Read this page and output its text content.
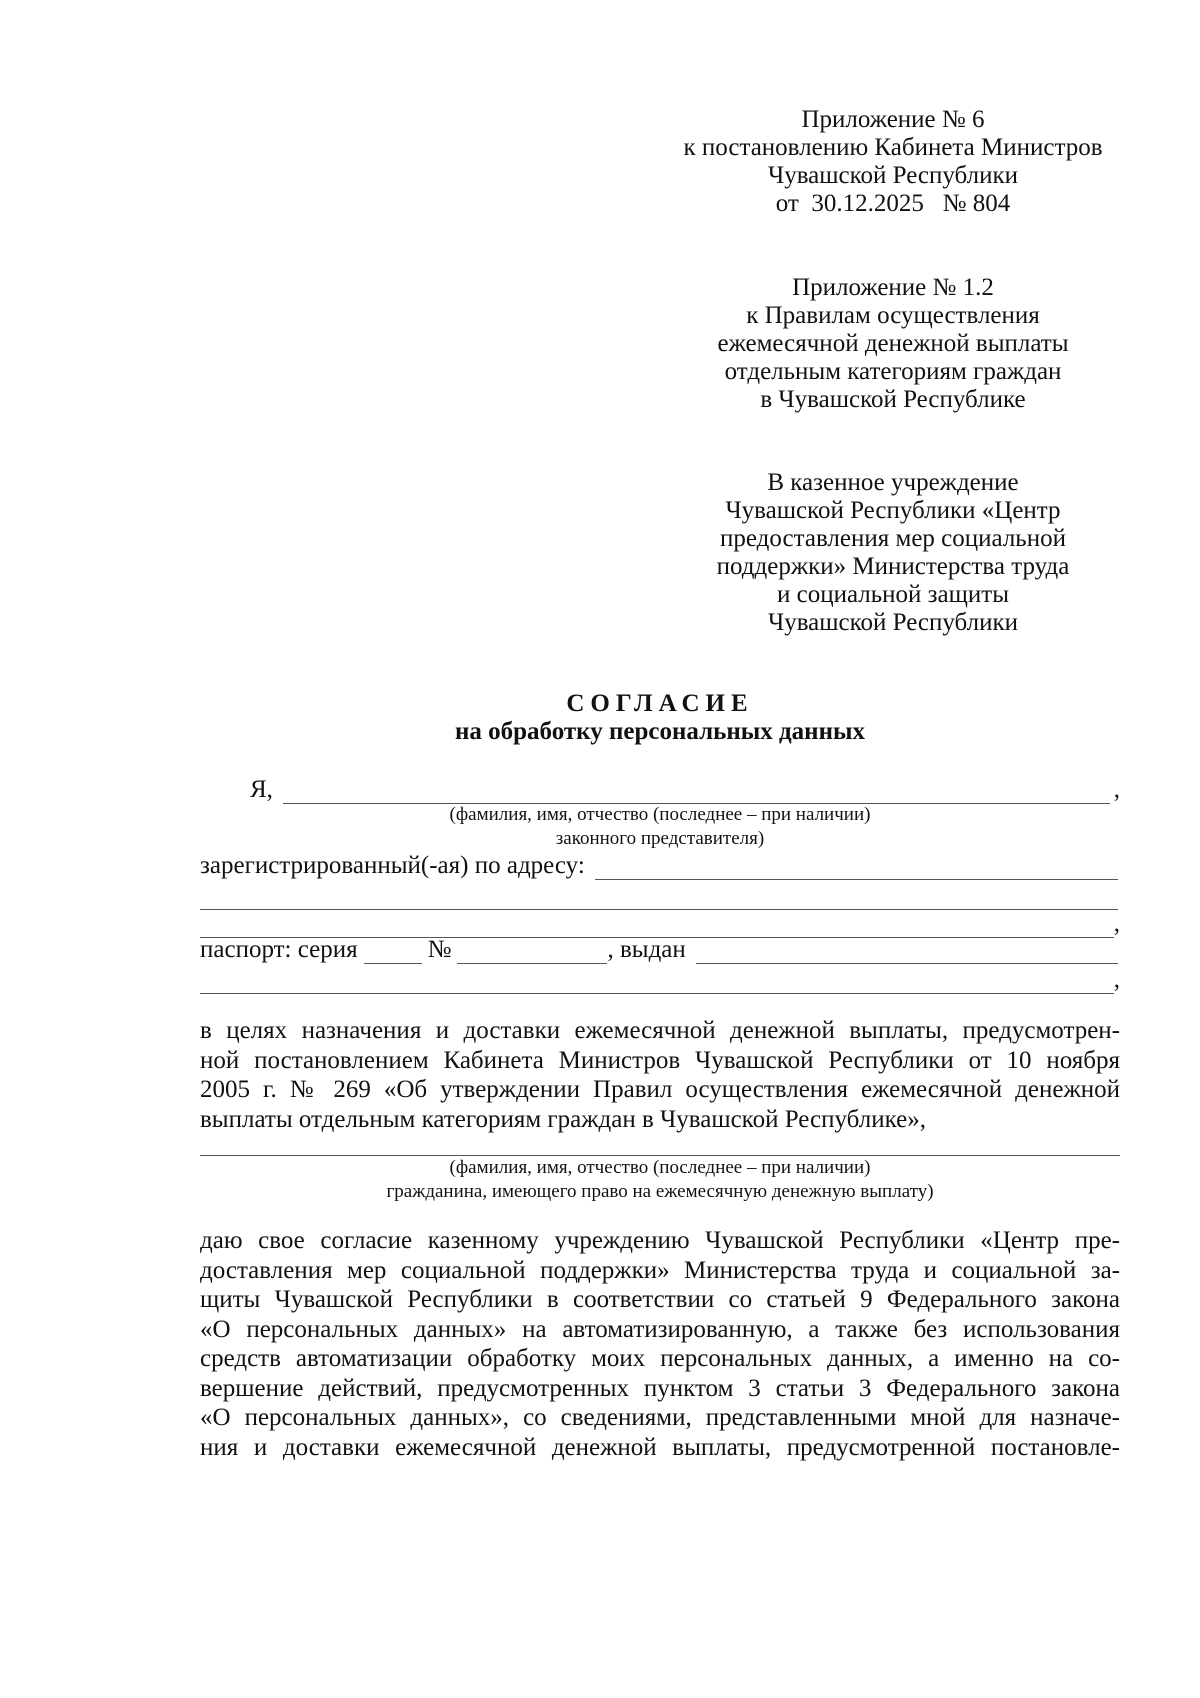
Приложение № 6
к постановлению Кабинета Министров
Чувашской Республики
от  30.12.2025   № 804
Приложение № 1.2
к Правилам осуществления
ежемесячной денежной выплаты
отдельным категориям граждан
в Чувашской Республике
В казенное учреждение
Чувашской Республики «Центр
предоставления мер социальной
поддержки» Министерства труда
и социальной защиты
Чувашской Республики
СОГЛАСИЕ
на обработку персональных данных
Я,	,
(фамилия, имя, отчество (последнее – при наличии)
законного представителя)
зарегистрированный(-ая) по адресу:
,
паспорт: серия	№	, выдан
,
в целях назначения и доставки ежемесячной денежной выплаты, предусмотрен-
ной постановлением Кабинета Министров Чувашской Республики от 10 ноября
2005 г. № 269 «Об утверждении Правил осуществления ежемесячной денежной
выплаты отдельным категориям граждан в Чувашской Республике»,
(фамилия, имя, отчество (последнее – при наличии)
гражданина, имеющего право на ежемесячную денежную выплату)
даю свое согласие казенному учреждению Чувашской Республики «Центр пре-
доставления мер социальной поддержки» Министерства труда и социальной за-
щиты Чувашской Республики в соответствии со статьей 9 Федерального закона
«О персональных данных» на автоматизированную, а также без использования
средств автоматизации обработку моих персональных данных, а именно на со-
вершение действий, предусмотренных пунктом 3 статьи 3 Федерального закона
«О персональных данных», со сведениями, представленными мной для назначе-
ния и доставки ежемесячной денежной выплаты, предусмотренной постановле-
